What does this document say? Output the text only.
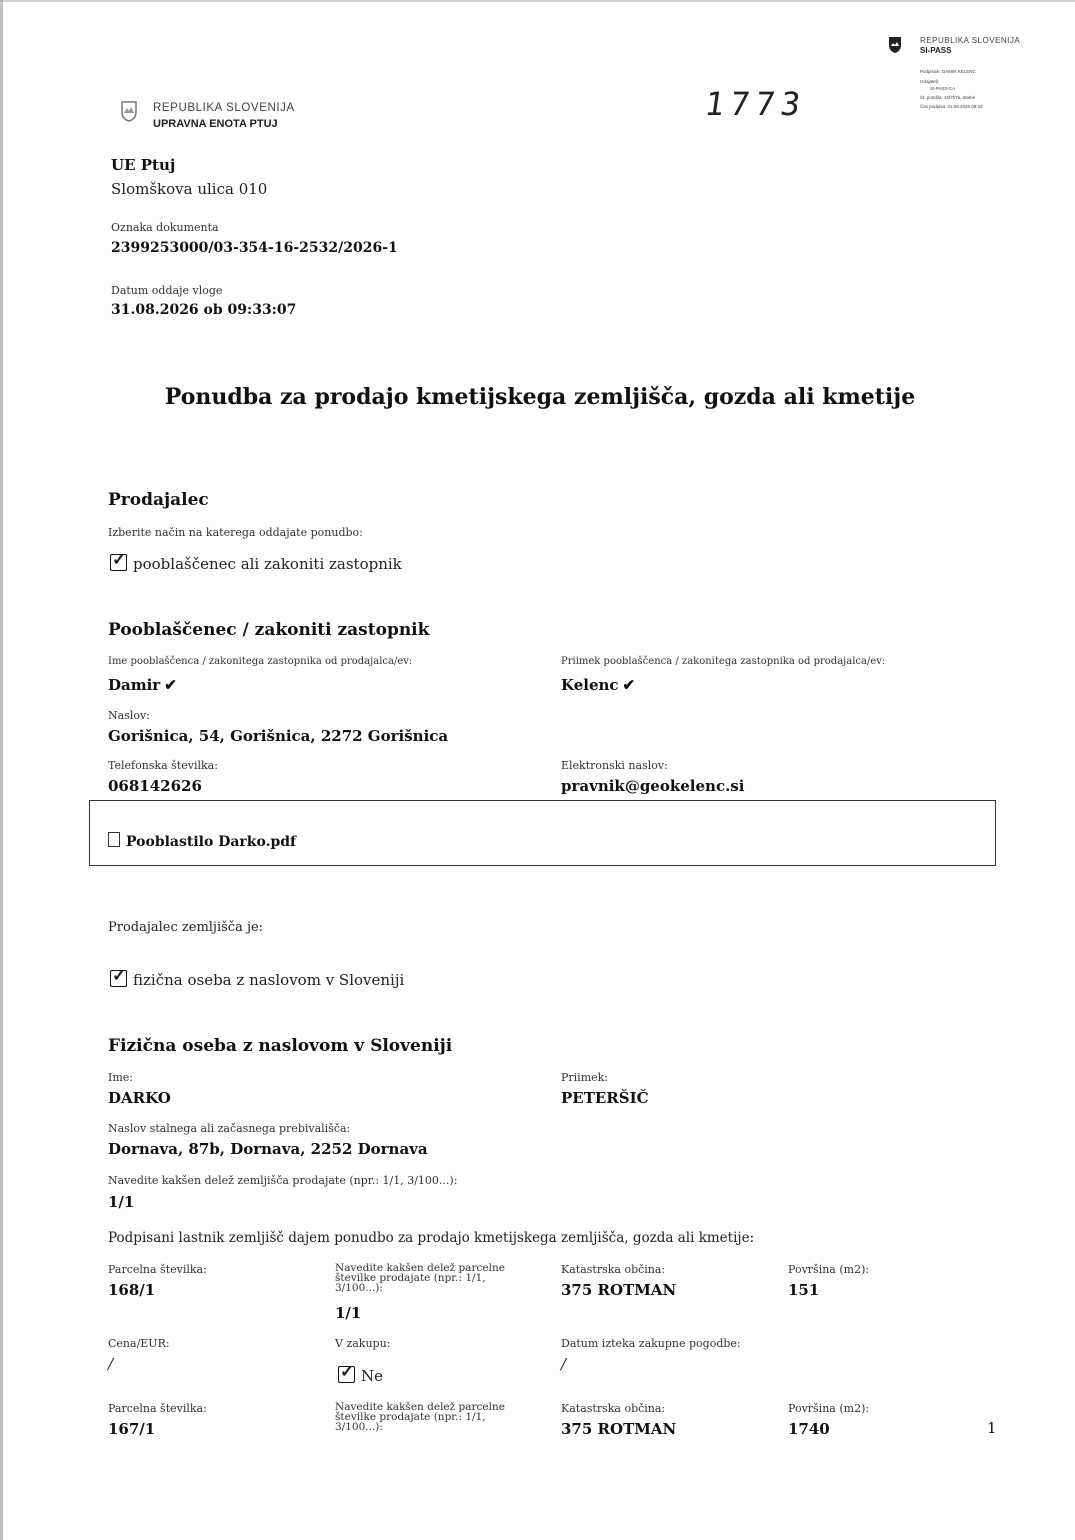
REPUBLIKA SLOVENIJA
UPRAVNA ENOTA PTUJ
1773
REPUBLIKA SLOVENIJA
SI-PASS
Podpisnik: DAMIR KELENC
Izdajatelj:
SI-PASS-CA
Št. potrdila: 15f7b7a..56ebe
Čas podpisa: 31.08.2026 09:33
UE Ptuj
Slomškova ulica 010
Oznaka dokumenta
2399253000/03-354-16-2532/2026-1
Datum oddaje vloge
31.08.2026 ob 09:33:07
Ponudba za prodajo kmetijskega zemljišča, gozda ali kmetije
Prodajalec
Izberite način na katerega oddajate ponudbo:
✓pooblaščenec ali zakoniti zastopnik
Pooblaščenec / zakoniti zastopnik
Ime pooblaščenca / zakonitega zastopnika od prodajalca/ev:
Damir ✔
Priimek pooblaščenca / zakonitega zastopnika od prodajalca/ev:
Kelenc ✔
Naslov:
Gorišnica, 54, Gorišnica, 2272 Gorišnica
Telefonska številka:
068142626
Elektronski naslov:
pravnik@geokelenc.si
Pooblastilo Darko.pdf
Prodajalec zemljišča je:
✓fizična oseba z naslovom v Sloveniji
Fizična oseba z naslovom v Sloveniji
Ime:
DARKO
Priimek:
PETERŠIČ
Naslov stalnega ali začasnega prebivališča:
Dornava, 87b, Dornava, 2252 Dornava
Navedite kakšen delež zemljišča prodajate (npr.: 1/1, 3/100...):
1/1
Podpisani lastnik zemljišč dajem ponudbo za prodajo kmetijskega zemljišča, gozda ali kmetije:
Parcelna številka:
168/1
Navedite kakšen delež parcelne številke prodajate (npr.: 1/1, 3/100...):
1/1
Katastrska občina:
375 ROTMAN
Površina (m2):
151
Cena/EUR:
/
V zakupu:
✓Ne
Datum izteka zakupne pogodbe:
/
Parcelna številka:
167/1
Navedite kakšen delež parcelne številke prodajate (npr.: 1/1, 3/100...):
Katastrska občina:
375 ROTMAN
Površina (m2):
1740	1
